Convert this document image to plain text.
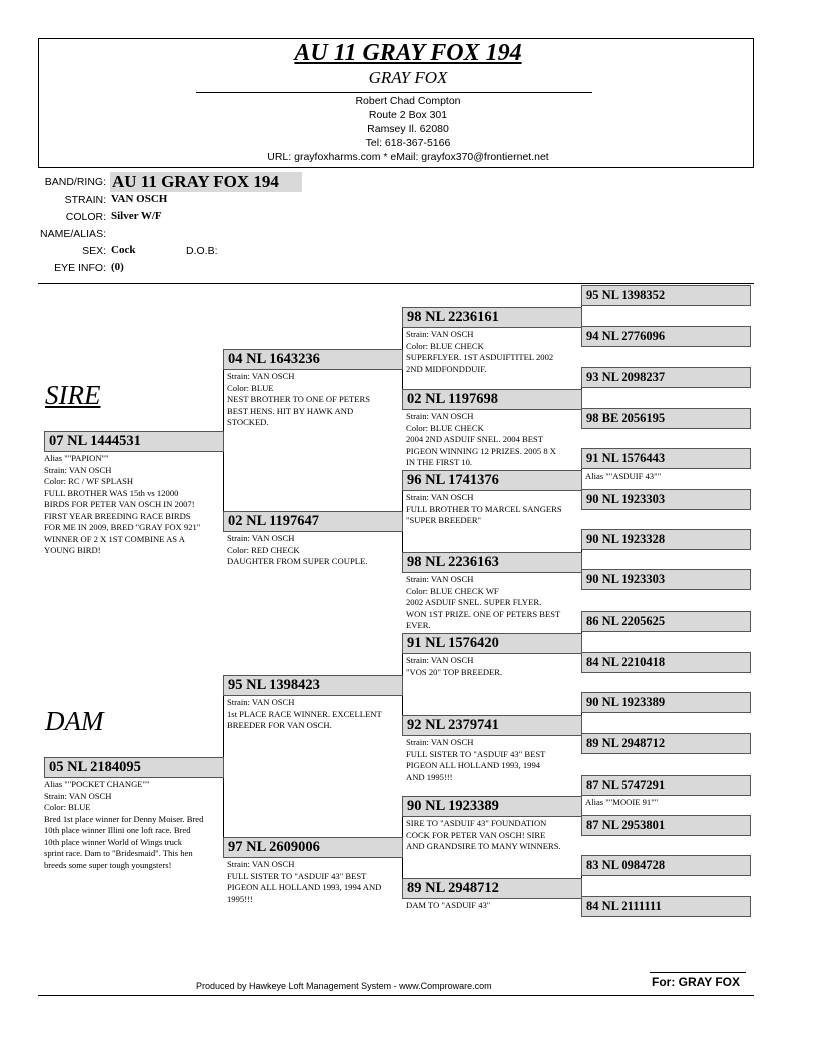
AU 11 GRAY FOX 194
GRAY FOX
Robert Chad Compton
Route 2 Box 301
Ramsey Il. 62080
Tel: 618-367-5166
URL: grayfoxharms.com * eMail: grayfox370@frontiernet.net
BAND/RING: AU 11 GRAY FOX 194
STRAIN: VAN OSCH
COLOR: Silver W/F
NAME/ALIAS:
SEX: Cock	D.O.B:
EYE INFO: (0)
SIRE
DAM
07 NL 1444531
Alias ""PAPION""
Strain: VAN OSCH
Color: RC / WF SPLASH
FULL BROTHER WAS 15th vs 12000
BIRDS FOR PETER VAN OSCH IN 2007!
FIRST YEAR BREEDING RACE BIRDS
FOR ME IN 2009, BRED "GRAY FOX 921"
WINNER OF 2 X 1ST COMBINE AS A
YOUNG BIRD!
05 NL 2184095
Alias ""POCKET CHANGE""
Strain: VAN OSCH
Color: BLUE
Bred 1st place winner for Denny Moiser. Bred
10th place winner Illini one loft race. Bred
10th place winner World of Wings truck
sprint race. Dam to "Bridesmaid". This hen
breeds some super tough youngsters!
04 NL 1643236
Strain: VAN OSCH
Color: BLUE
NEST BROTHER TO ONE OF PETERS
BEST HENS. HIT BY HAWK AND
STOCKED.
02 NL 1197647
Strain: VAN OSCH
Color: RED CHECK
DAUGHTER FROM SUPER COUPLE.
95 NL 1398423
Strain: VAN OSCH
1st PLACE RACE WINNER. EXCELLENT
BREEDER FOR VAN OSCH.
97 NL 2609006
Strain: VAN OSCH
FULL SISTER TO "ASDUIF 43" BEST
PIGEON ALL HOLLAND 1993, 1994 AND
1995!!!
98 NL 2236161
Strain: VAN OSCH
Color: BLUE CHECK
SUPERFLYER. 1ST ASDUIFTITEL 2002
2ND MIDFONDDUIF.
02 NL 1197698
Strain: VAN OSCH
Color: BLUE CHECK
2004 2ND ASDUIF SNEL. 2004 BEST
PIGEON WINNING 12 PRIZES. 2005 8 X
IN THE FIRST 10.
96 NL 1741376
Strain: VAN OSCH
FULL BROTHER TO MARCEL SANGERS
"SUPER BREEDER"
98 NL 2236163
Strain: VAN OSCH
Color: BLUE CHECK WF
2002 ASDUIF SNEL. SUPER FLYER.
WON 1ST PRIZE. ONE OF PETERS BEST
EVER.
91 NL 1576420
Strain: VAN OSCH
"VOS 20" TOP BREEDER.
92 NL 2379741
Strain: VAN OSCH
FULL SISTER TO "ASDUIF 43" BEST
PIGEON ALL HOLLAND 1993, 1994
AND 1995!!!
90 NL 1923389
SIRE TO "ASDUIF 43" FOUNDATION
COCK FOR PETER VAN OSCH! SIRE
AND GRANDSIRE TO MANY WINNERS.
89 NL 2948712
DAM TO "ASDUIF 43"
95 NL 1398352
94 NL 2776096
93 NL 2098237
98 BE 2056195
91 NL 1576443
Alias ""ASDUIF 43""
90 NL 1923303
90 NL 1923328
90 NL 1923303
86 NL 2205625
84 NL 2210418
90 NL 1923389
89 NL 2948712
87 NL 5747291
Alias ""MOOIE 91""
87 NL 2953801
83 NL 0984728
84 NL 2111111
Produced by Hawkeye Loft Management System - www.Comproware.com	For: GRAY FOX
